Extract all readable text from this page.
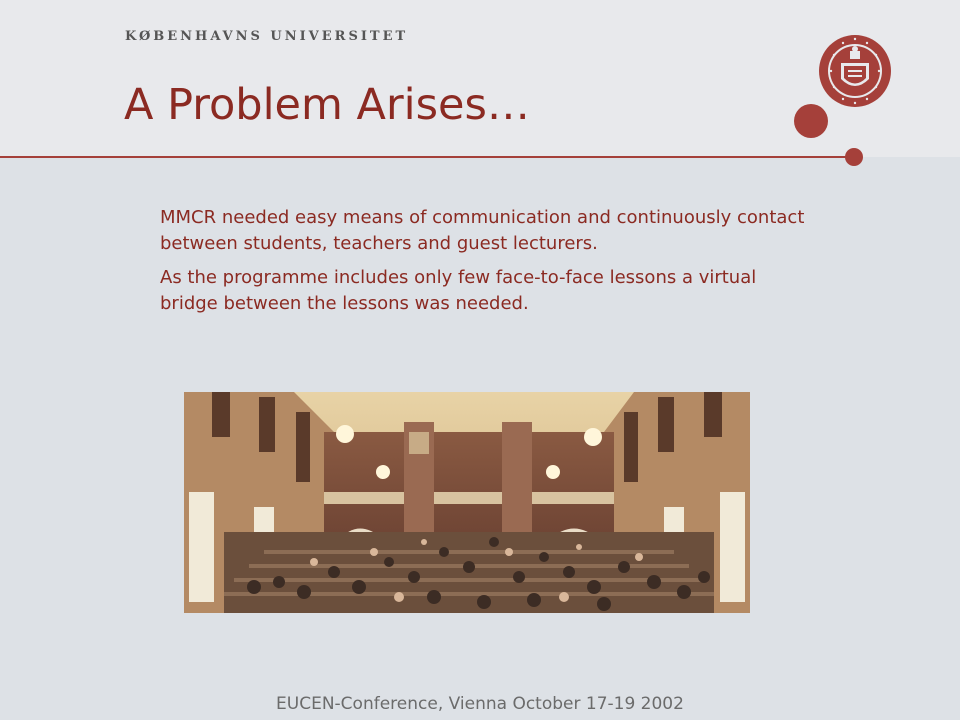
KØBENHAVNS UNIVERSITET
A Problem Arises…

MMCR needed easy means of communication and continuously contact between students, teachers and guest lecturers.

As the programme includes only few face-to-face lessons a virtual bridge between the lessons was needed.

EUCEN-Conference, Vienna October 17-19 2002
